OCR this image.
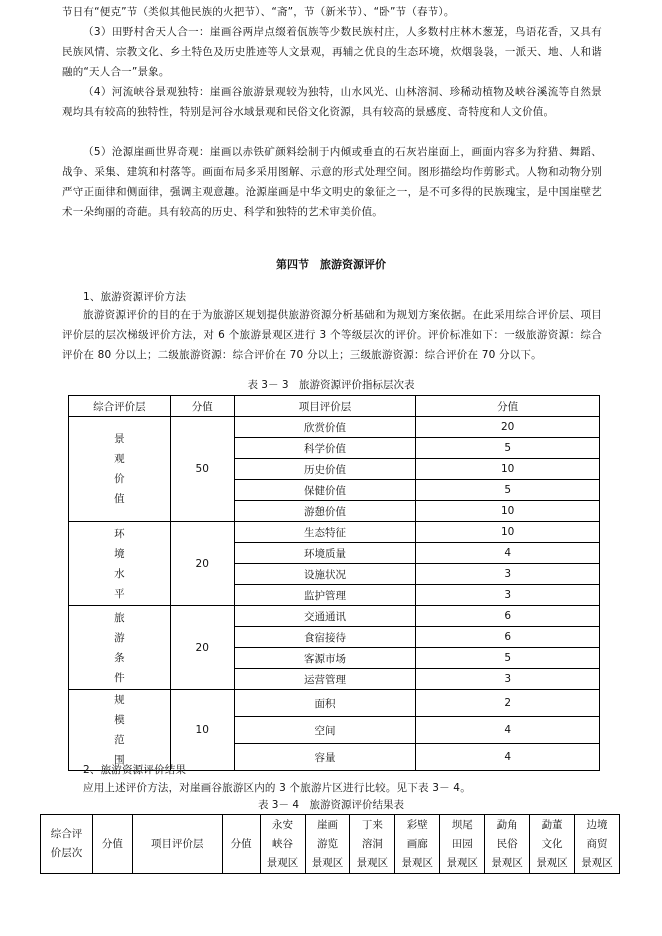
节日有“便克”节（类似其他民族的火把节）、“斋”，节（新米节）、“卧”节（春节）。

（3）田野村舍天人合一：崖画谷两岸点缀着佤族等少数民族村庄，人多数村庄林木葱茏，鸟语花香，又具有民族风情、宗教文化、乡土特色及历史胜迹等人文景观，再辅之优良的生态环境，炊烟袅袅，一派天、地、人和谐融的“天人合一”景象。

（4）河流峡谷景观独特：崖画谷旅游景观较为独特，山水风光、山林溶洞、珍稀动植物及峡谷溪流等自然景观均具有较高的独特性，特别是河谷水域景观和民俗文化资源，具有较高的景感度、奇特度和人文价值。

（5）沧源崖画世界奇观：崖画以赤铁矿颜料绘制于内倾或垂直的石灰岩崖面上，画面内容多为狩猎、舞蹈、战争、采集、建筑和村落等。画面布局多采用图解、示意的形式处理空间。图形描绘均作剪影式。人物和动物分别严守正面律和侧面律，强调主观意趣。沧源崖画是中华文明史的象征之一，是不可多得的民族瑰宝，是中国崖壁艺术一朵绚丽的奇葩。具有较高的历史、科学和独特的艺术审美价值。

第四节　旅游资源评价

1、旅游资源评价方法

旅游资源评价的目的在于为旅游区规划提供旅游资源分析基础和为规划方案依据。在此采用综合评价层、项目评价层的层次梯级评价方法，对 6 个旅游景观区进行 3 个等级层次的评价。评价标准如下：一级旅游资源：综合评价在 80 分以上；二级旅游资源：综合评价在 70 分以上；三级旅游资源：综合评价在 70 分以下。

表 3－ 3　旅游资源评价指标层次表

综合评价层	分值	项目评价层	分值
景
观
价
值	50	欣赏价值	20
		科学价值	5
		历史价值	10
		保健价值	5
		游憩价值	10
环
境
水
平	20	生态特征	10
		环境质量	4
		设施状况	3
		监护管理	3
旅
游
条
件	20	交通通讯	6
		食宿接待	6
		客源市场	5
		运营管理	3
规
模
范
围	10	面积	2
		空间	4
		容量	4

2、旅游资源评价结果

应用上述评价方法，对崖画谷旅游区内的 3 个旅游片区进行比较。见下表 3－ 4。

表 3－ 4　旅游资源评价结果表

综合评
价层次	分值	项目评价层	分值	永安
峡谷
景观区	崖画
游览
景观区	丁来
溶洞
景观区	彩壁
画廊
景观区	坝尾
田园
景观区	勐角
民俗
景观区	勐董
文化
景观区	边境
商贸
景观区
